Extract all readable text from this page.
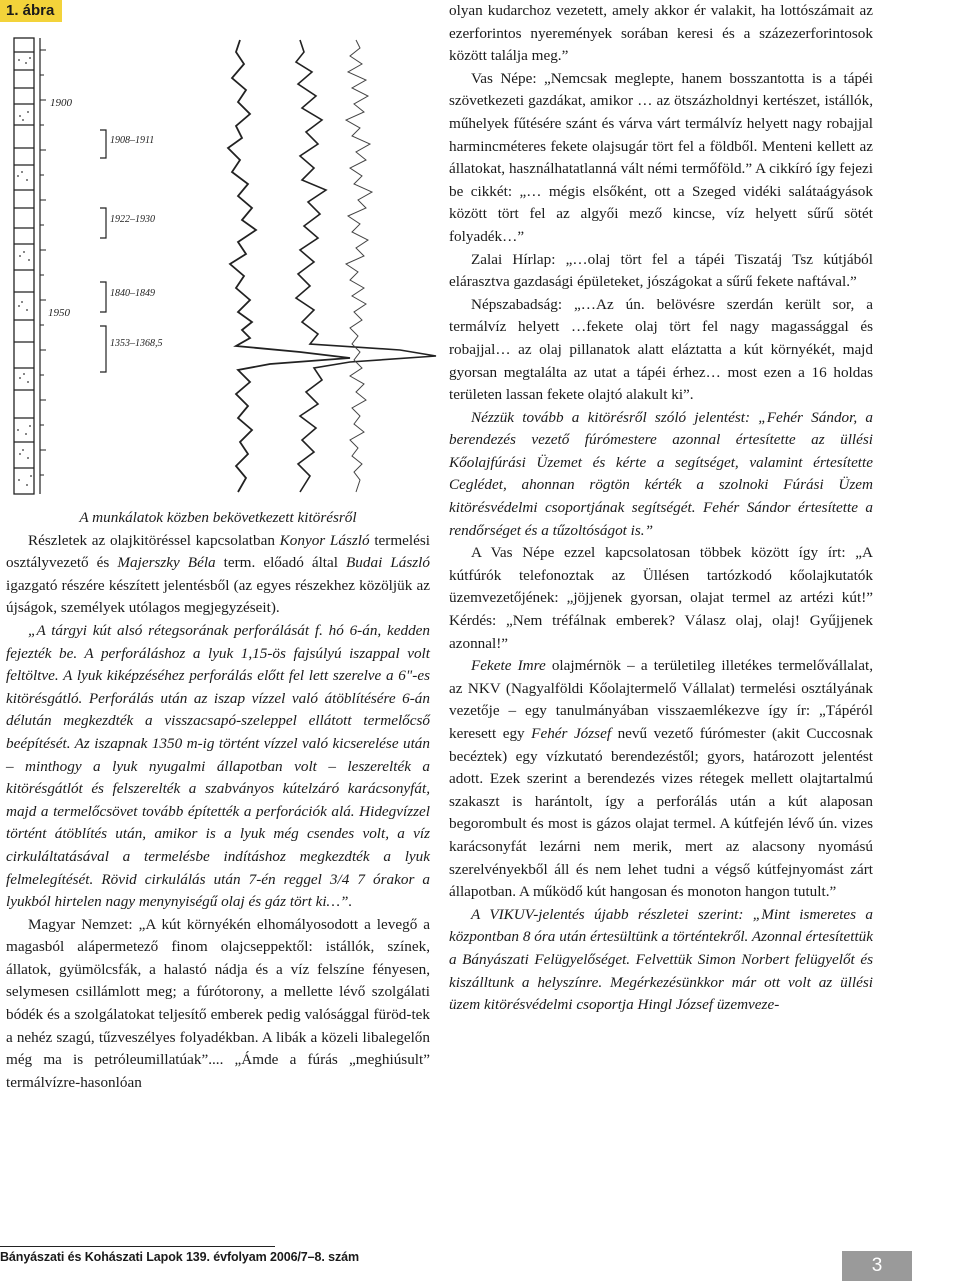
1. ábra
1900
1950
1908–1911
1922–1930
1840–1849
1353–1368,5

A munkálatok közben bekövetkezett kitörésről

Részletek az olajkitöréssel kapcsolatban Konyor László termelési osztályvezető és Majerszky Béla term. előadó által Budai László igazgató részére készített jelentésből (az egyes részekhez közöljük az újságok, személyek utólagos megjegyzéseit).

„A tárgyi kút alsó rétegsorának perforálását f. hó 6-án, kedden fejezték be. A perforáláshoz a lyuk 1,15-ös fajsúlyú iszappal volt feltöltve. A lyuk kiképzéséhez perforálás előtt fel lett szerelve a 6"-es kitörésgátló. Perforálás után az iszap vízzel való átöblítésére 6-án délután megkezdték a visszacsapó-szeleppel ellátott termelőcső beépítését. Az iszapnak 1350 m-ig történt vízzel való kicserelése után – minthogy a lyuk nyugalmi állapotban volt – leszerelték a kitörésgátlót és felszerelték a szabványos kútelzáró karácsonyfát, majd a termelőcsövet tovább építették a perforációk alá. Hidegvízzel történt átöblítés után, amikor is a lyuk még csendes volt, a víz cirkuláltatásával a termelésbe indításhoz megkezdték a lyuk felmelegítését. Rövid cirkulálás után 7-én reggel 3/4 7 órakor a lyukból hirtelen nagy menynyiségű olaj és gáz tört ki…”.

Magyar Nemzet: „A kút környékén elhomályosodott a levegő a magasból alápermetező finom olajcseppektől: istállók, színek, állatok, gyümölcsfák, a halastó nádja és a víz felszíne fényesen, selymesen csillámlott meg; a fúrótorony, a mellette lévő szolgálati bódék és a szolgálatokat teljesítő emberek pedig valósággal füröd-tek a nehéz szagú, tűzveszélyes folyadékban. A libák a közeli libalegelőn még ma is petróleumillatúak”.... „Ámde a fúrás „meghiúsult” termálvízre-hasonlóan

olyan kudarchoz vezetett, amely akkor ér valakit, ha lottószámait az ezerforintos nyeremények sorában keresi és a százezerforintosok között találja meg.”

Vas Népe: „Nemcsak meglepte, hanem bosszantotta is a tápéi szövetkezeti gazdákat, amikor … az ötszázholdnyi kertészet, istállók, műhelyek fűtésére szánt és várva várt termálvíz helyett nagy robajjal harmincméteres fekete olajsugár tört fel a földből. Menteni kellett az állatokat, használhatatlanná vált némi termőföld.” A cikkíró így fejezi be cikkét: „… mégis elsőként, ott a Szeged vidéki salátaágyások között tört fel az algyői mező kincse, víz helyett sűrű sötét folyadék…”

Zalai Hírlap: „…olaj tört fel a tápéi Tiszatáj Tsz kútjából elárasztva gazdasági épületeket, jószágokat a sűrű fekete naftával.”

Népszabadság: „…Az ún. belövésre szerdán került sor, a termálvíz helyett …fekete olaj tört fel nagy magassággal és robajjal… az olaj pillanatok alatt eláztatta a kút környékét, majd gyorsan megtalálta az utat a tápéi érhez… most ezen a 16 holdas területen lassan fekete olajtó alakult ki”.

Nézzük tovább a kitörésről szóló jelentést: „Fehér Sándor, a berendezés vezető fúrómestere azonnal értesítette az üllési Kőolajfúrási Üzemet és kérte a segítséget, valamint értesítette Ceglédet, ahonnan rögtön kérték a szolnoki Fúrási Üzem kitörésvédelmi csoportjának segítségét. Fehér Sándor értesítette a rendőrséget és a tűzoltóságot is.”

A Vas Népe ezzel kapcsolatosan többek között így írt: „A kútfúrók telefonoztak az Üllésen tartózkodó kőolajkutatók üzemvezetőjének: „jöjjenek gyorsan, olajat termel az artézi kút!” Kérdés: „Nem tréfálnak emberek? Válasz olaj, olaj! Gyűjjenek azonnal!”

Fekete Imre olajmérnök – a területileg illetékes termelővállalat, az NKV (Nagyalföldi Kőolajtermelő Vállalat) termelési osztályának vezetője – egy tanulmányában visszaemlékezve így ír: „Tápéról keresett egy Fehér József nevű vezető fúrómester (akit Cuccosnak becéztek) egy vízkutató berendezéstől; gyors, határozott jelentést adott. Ezek szerint a berendezés vizes rétegek mellett olajtartalmú szakaszt is harántolt, így a perforálás után a kút alaposan begorombult és most is gázos olajat termel. A kútfején lévő ún. vizes karácsonyfát lezárni nem merik, mert az alacsony nyomású szerelvényekből áll és nem lehet tudni a végső kútfejnyomást zárt állapotban. A működő kút hangosan és monoton hangon tutult.”

A VIKUV-jelentés újabb részletei szerint: „Mint ismeretes a központban 8 óra után értesültünk a történtekről. Azonnal értesítettük a Bányászati Felügyelőséget. Felvettük Simon Norbert felügyelőt és kiszálltunk a helyszínre. Megérkezésünkkor már ott volt az üllési üzem kitörésvédelmi csoportja Hingl József üzemveze-

Bányászati és Kohászati Lapok 139. évfolyam 2006/7–8. szám	3
